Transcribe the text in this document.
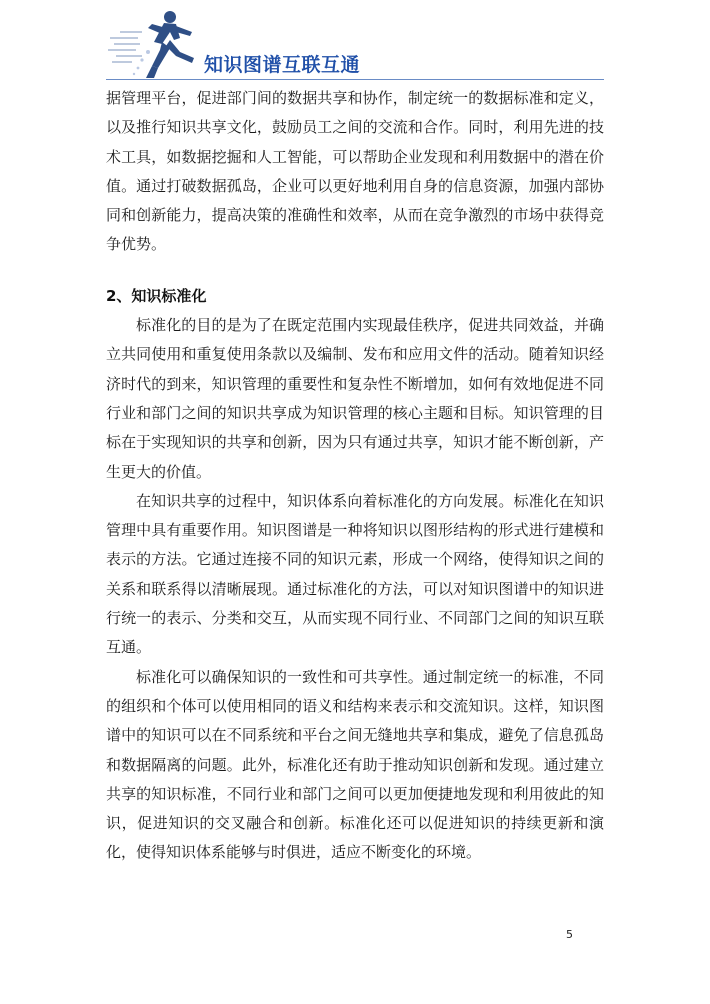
知识图谱互联互通

据管理平台，促进部门间的数据共享和协作，制定统一的数据标准和定义，以及推行知识共享文化，鼓励员工之间的交流和合作。同时，利用先进的技术工具，如数据挖掘和人工智能，可以帮助企业发现和利用数据中的潜在价值。通过打破数据孤岛，企业可以更好地利用自身的信息资源，加强内部协同和创新能力，提高决策的准确性和效率，从而在竞争激烈的市场中获得竞争优势。

2、知识标准化

标准化的目的是为了在既定范围内实现最佳秩序，促进共同效益，并确立共同使用和重复使用条款以及编制、发布和应用文件的活动。随着知识经济时代的到来，知识管理的重要性和复杂性不断增加，如何有效地促进不同行业和部门之间的知识共享成为知识管理的核心主题和目标。知识管理的目标在于实现知识的共享和创新，因为只有通过共享，知识才能不断创新，产生更大的价值。

在知识共享的过程中，知识体系向着标准化的方向发展。标准化在知识管理中具有重要作用。知识图谱是一种将知识以图形结构的形式进行建模和表示的方法。它通过连接不同的知识元素，形成一个网络，使得知识之间的关系和联系得以清晰展现。通过标准化的方法，可以对知识图谱中的知识进行统一的表示、分类和交互，从而实现不同行业、不同部门之间的知识互联互通。

标准化可以确保知识的一致性和可共享性。通过制定统一的标准，不同的组织和个体可以使用相同的语义和结构来表示和交流知识。这样，知识图谱中的知识可以在不同系统和平台之间无缝地共享和集成，避免了信息孤岛和数据隔离的问题。此外，标准化还有助于推动知识创新和发现。通过建立共享的知识标准，不同行业和部门之间可以更加便捷地发现和利用彼此的知识，促进知识的交叉融合和创新。标准化还可以促进知识的持续更新和演化，使得知识体系能够与时俱进，适应不断变化的环境。

5
